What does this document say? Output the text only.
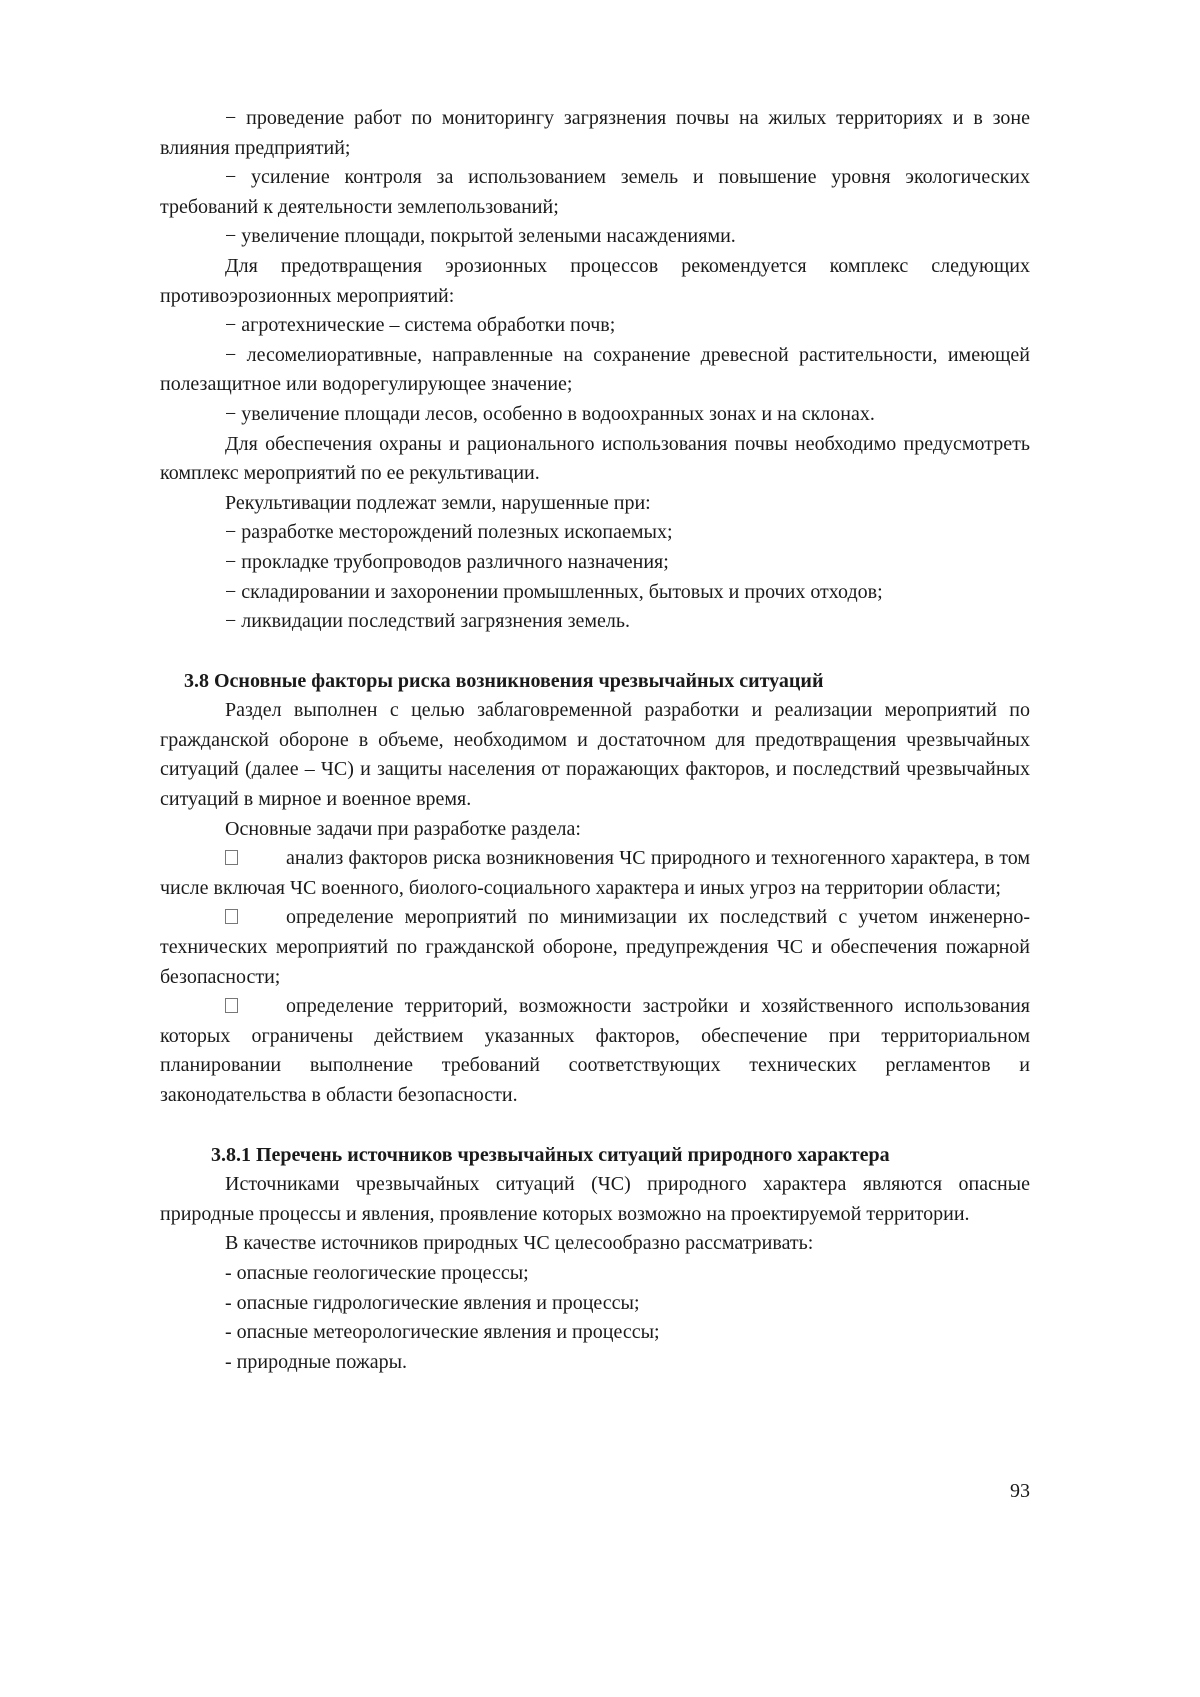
− проведение работ по мониторингу загрязнения почвы на жилых территориях и в зоне влияния предприятий;

− усиление контроля за использованием земель и повышение уровня экологических требований к деятельности землепользований;

− увеличение площади, покрытой зелеными насаждениями.

Для предотвращения эрозионных процессов рекомендуется комплекс следующих противоэрозионных мероприятий:

− агротехнические – система обработки почв;

− лесомелиоративные, направленные на сохранение древесной растительности, имеющей полезащитное или водорегулирующее значение;

− увеличение площади лесов, особенно в водоохранных зонах и на склонах.

Для обеспечения охраны и рационального использования почвы необходимо предусмотреть комплекс мероприятий по ее рекультивации.

Рекультивации подлежат земли, нарушенные при:

− разработке месторождений полезных ископаемых;

− прокладке трубопроводов различного назначения;

− складировании и захоронении промышленных, бытовых и прочих отходов;

− ликвидации последствий загрязнения земель.

3.8 Основные факторы риска возникновения чрезвычайных ситуаций

Раздел выполнен с целью заблаговременной разработки и реализации мероприятий по гражданской обороне в объеме, необходимом и достаточном для предотвращения чрезвычайных ситуаций (далее – ЧС) и защиты населения от поражающих факторов, и последствий чрезвычайных ситуаций в мирное и военное время.

Основные задачи при разработке раздела:

анализ факторов риска возникновения ЧС природного и техногенного характера, в том числе включая ЧС военного, биолого-социального характера и иных угроз на территории области;

определение мероприятий по минимизации их последствий с учетом инженерно-технических мероприятий по гражданской обороне, предупреждения ЧС и обеспечения пожарной безопасности;

определение территорий, возможности застройки и хозяйственного использования которых ограничены действием указанных факторов, обеспечение при территориальном планировании выполнение требований соответствующих технических регламентов и законодательства в области безопасности.

3.8.1 Перечень источников чрезвычайных ситуаций природного характера

Источниками чрезвычайных ситуаций (ЧС) природного характера являются опасные природные процессы и явления, проявление которых возможно на проектируемой территории.

В качестве источников природных ЧС целесообразно рассматривать:

- опасные геологические процессы;

- опасные гидрологические явления и процессы;

- опасные метеорологические явления и процессы;

- природные пожары.

93
